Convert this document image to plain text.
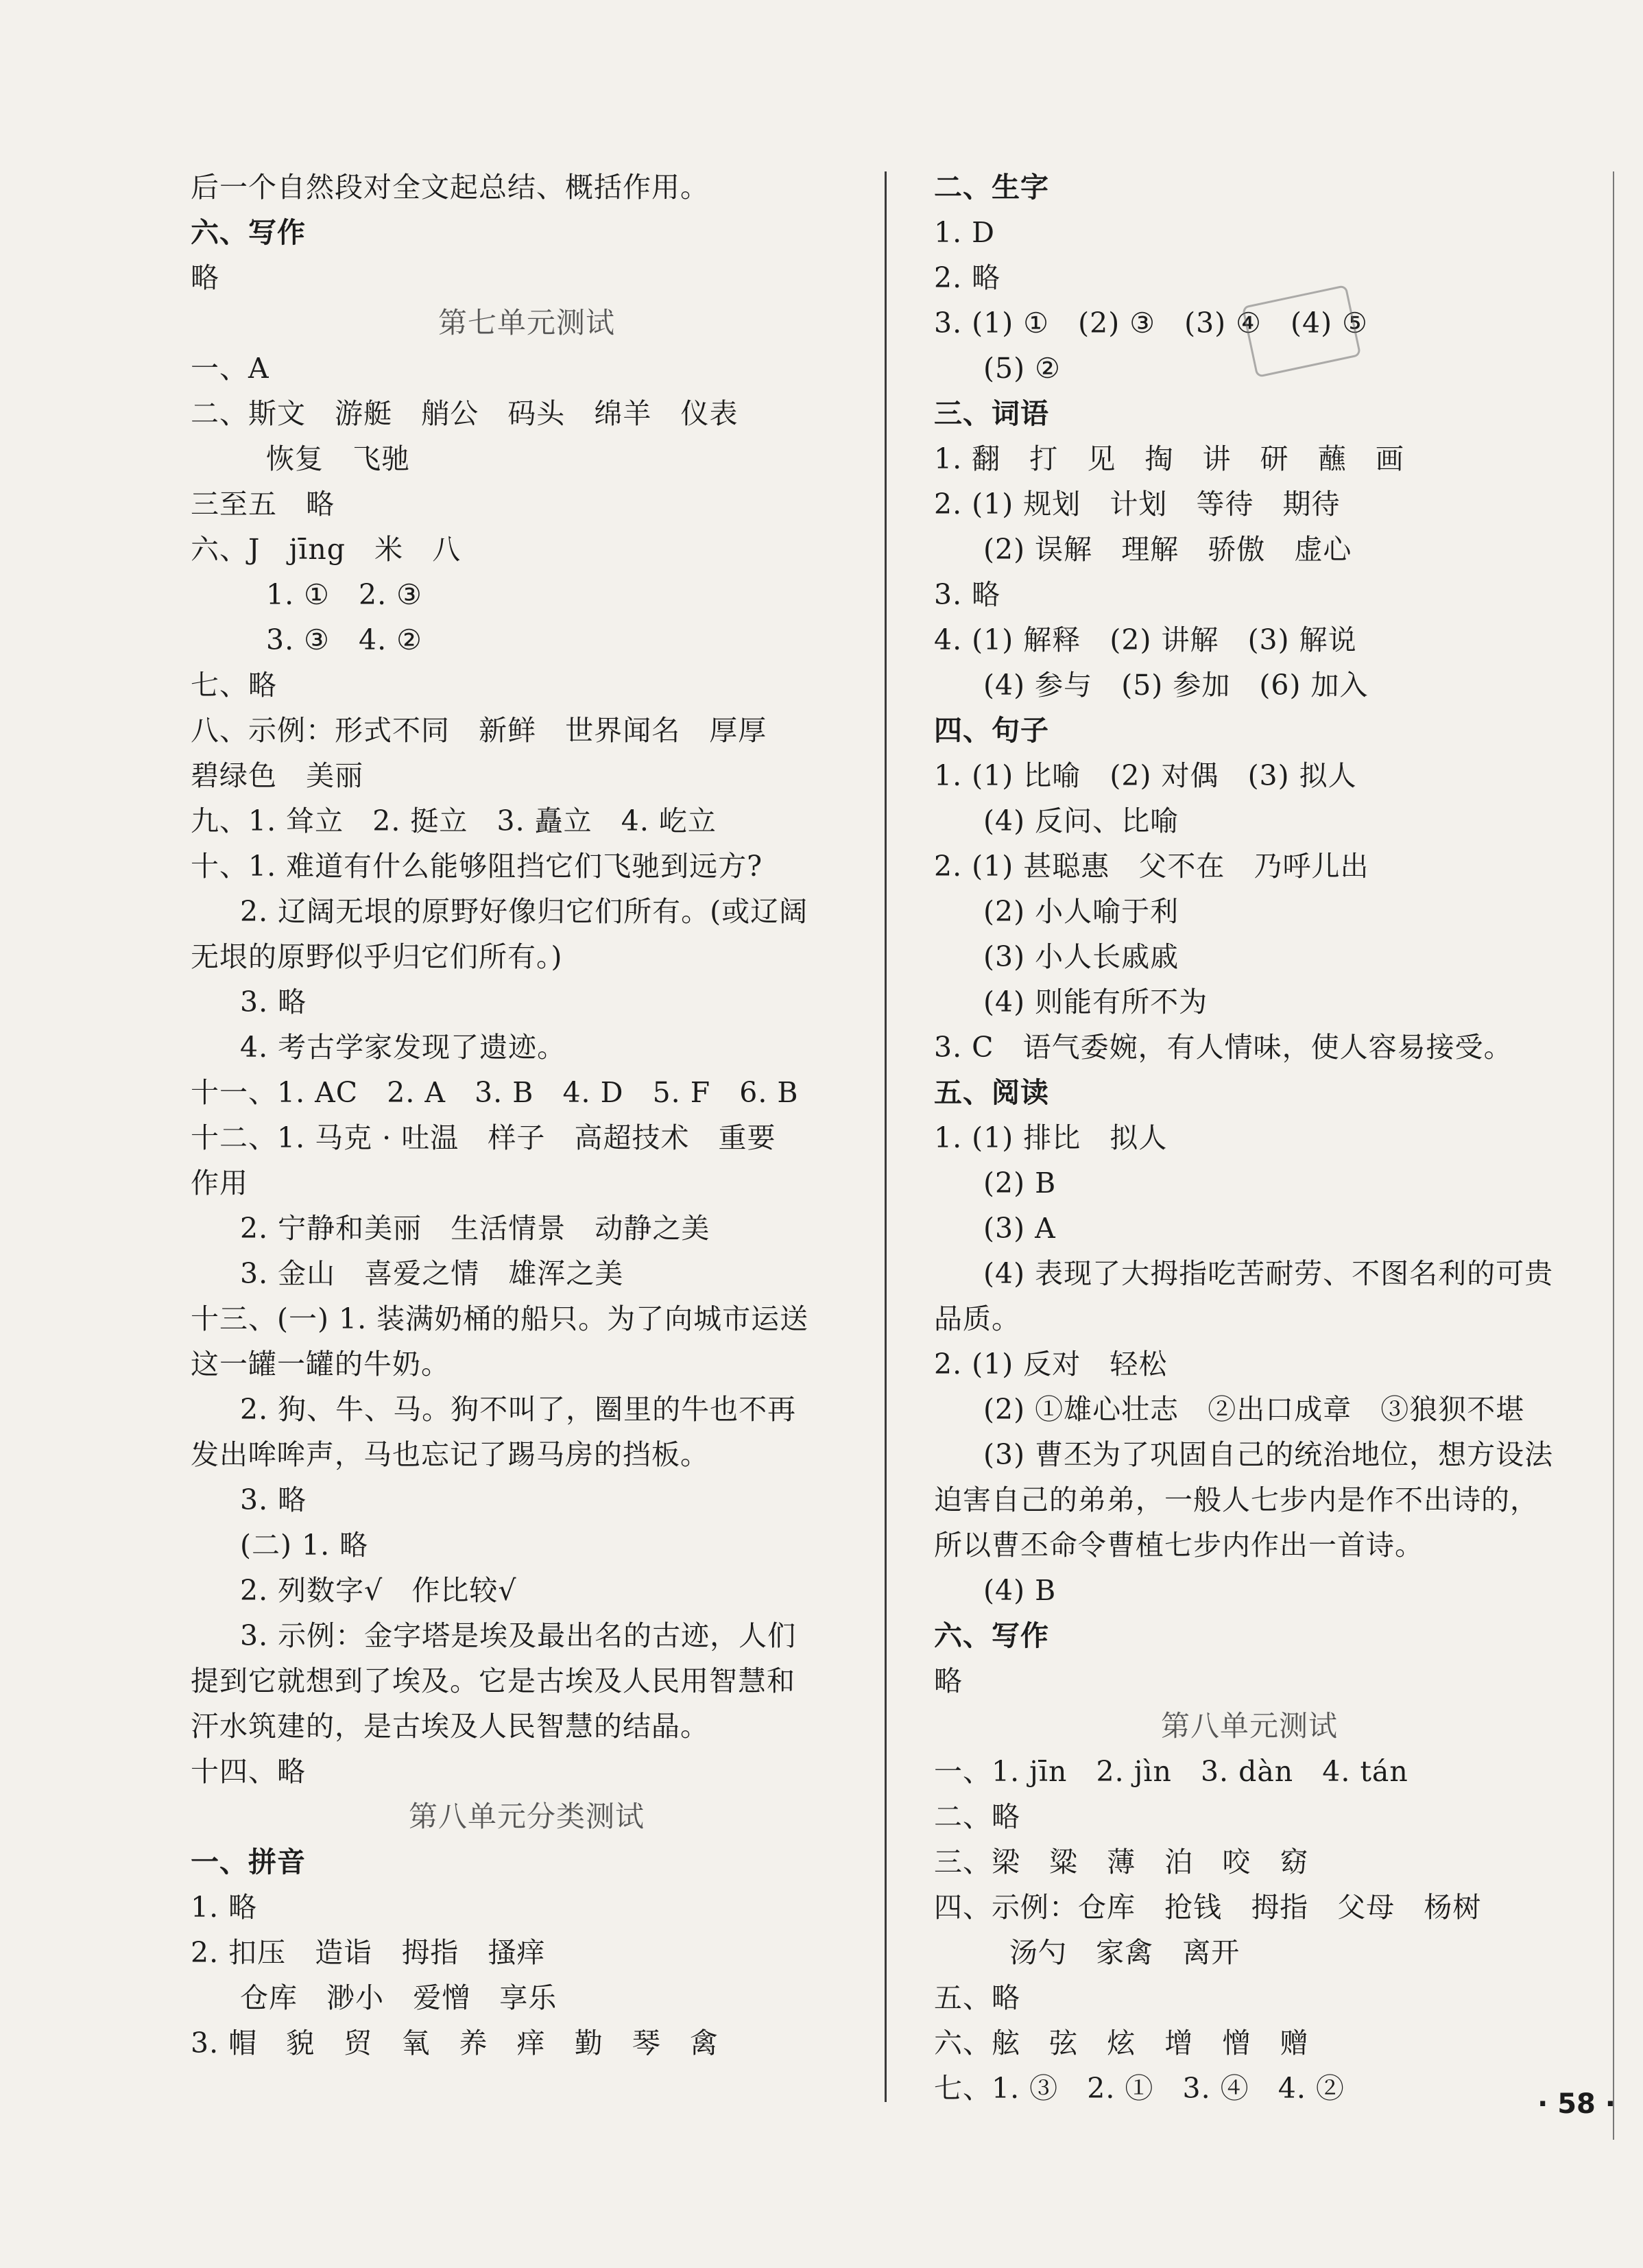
后一个自然段对全文起总结、概括作用。
六、写作
略
第七单元测试
一、A
二、斯文   游艇   艄公   码头   绵羊   仪表
恢复   飞驰
三至五   略
六、J   jīng   米   八
1. ①   2. ③
3. ③   4. ②
七、略
八、示例：形式不同   新鲜   世界闻名   厚厚
碧绿色   美丽
九、1. 耸立   2. 挺立   3. 矗立   4. 屹立
十、1. 难道有什么能够阻挡它们飞驰到远方?
2. 辽阔无垠的原野好像归它们所有。(或辽阔
无垠的原野似乎归它们所有。)
3. 略
4. 考古学家发现了遗迹。
十一、1. AC   2. A   3. B   4. D   5. F   6. B
十二、1. 马克 · 吐温   样子   高超技术   重要
作用
2. 宁静和美丽   生活情景   动静之美
3. 金山   喜爱之情   雄浑之美
十三、(一) 1. 装满奶桶的船只。为了向城市运送
这一罐一罐的牛奶。
2. 狗、牛、马。狗不叫了，圈里的牛也不再
发出哞哞声，马也忘记了踢马房的挡板。
3. 略
(二) 1. 略
2. 列数字√   作比较√
3. 示例：金字塔是埃及最出名的古迹，人们
提到它就想到了埃及。它是古埃及人民用智慧和
汗水筑建的，是古埃及人民智慧的结晶。
十四、略
第八单元分类测试
一、拼音
1. 略
2. 扣压   造诣   拇指   搔痒
仓库   渺小   爱憎   享乐
3. 帽   貌   贸   氧   养   痒   勤   琴   禽
二、生字
1. D
2. 略
3. (1) ①   (2) ③   (3) ④   (4) ⑤
(5) ②
三、词语
1. 翻   打   见   掏   讲   研   蘸   画
2. (1) 规划   计划   等待   期待
(2) 误解   理解   骄傲   虚心
3. 略
4. (1) 解释   (2) 讲解   (3) 解说
(4) 参与   (5) 参加   (6) 加入
四、句子
1. (1) 比喻   (2) 对偶   (3) 拟人
(4) 反问、比喻
2. (1) 甚聪惠   父不在   乃呼儿出
(2) 小人喻于利
(3) 小人长戚戚
(4) 则能有所不为
3. C   语气委婉，有人情味，使人容易接受。
五、阅读
1. (1) 排比   拟人
(2) B
(3) A
(4) 表现了大拇指吃苦耐劳、不图名利的可贵
品质。
2. (1) 反对   轻松
(2) ①雄心壮志   ②出口成章   ③狼狈不堪
(3) 曹丕为了巩固自己的统治地位，想方设法
迫害自己的弟弟，一般人七步内是作不出诗的，
所以曹丕命令曹植七步内作出一首诗。
(4) B
六、写作
略
第八单元测试
一、1. jīn   2. jìn   3. dàn   4. tán
二、略
三、梁   粱   薄   泊   咬   窈
四、示例：仓库   抢钱   拇指   父母   杨树
汤勺   家禽   离开
五、略
六、舷   弦   炫   增   憎   赠
七、1. ③   2. ①   3. ④   4. ②	· 58 ·
